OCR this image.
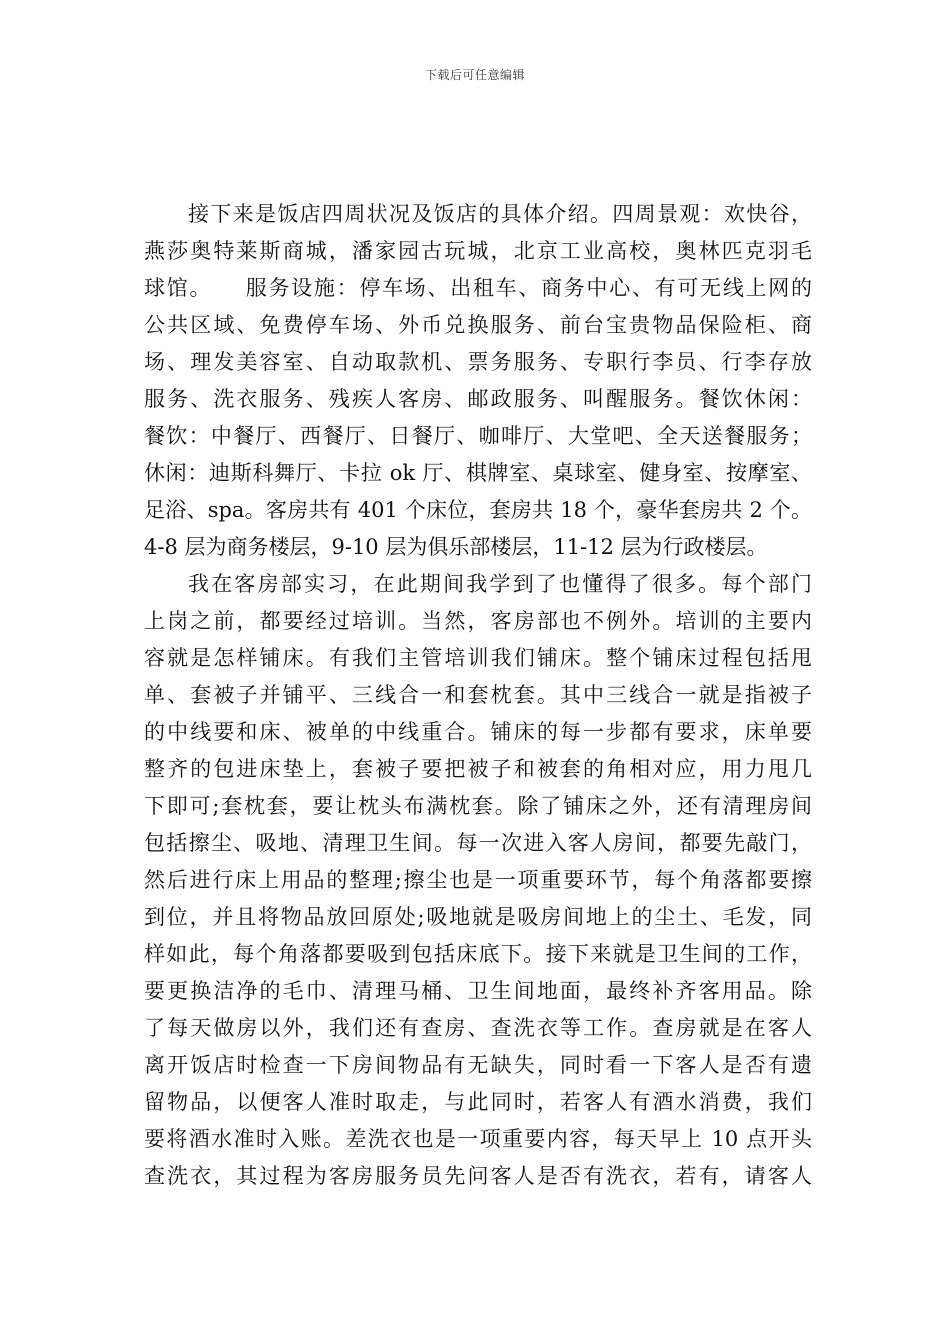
下载后可任意编辑
接下来是饭店四周状况及饭店的具体介绍。四周景观：欢快谷，
燕莎奥特莱斯商城，潘家园古玩城，北京工业高校，奥林匹克羽毛
球馆。    服务设施：停车场、出租车、商务中心、有可无线上网的
公共区域、免费停车场、外币兑换服务、前台宝贵物品保险柜、商
场、理发美容室、自动取款机、票务服务、专职行李员、行李存放
服务、洗衣服务、残疾人客房、邮政服务、叫醒服务。餐饮休闲：
餐饮：中餐厅、西餐厅、日餐厅、咖啡厅、大堂吧、全天送餐服务；
休闲：迪斯科舞厅、卡拉 ok 厅、棋牌室、桌球室、健身室、按摩室、
足浴、spa。客房共有 401 个床位，套房共 18 个，豪华套房共 2 个。
4-8 层为商务楼层，9-10 层为俱乐部楼层，11-12 层为行政楼层。
我在客房部实习，在此期间我学到了也懂得了很多。每个部门
上岗之前，都要经过培训。当然，客房部也不例外。培训的主要内
容就是怎样铺床。有我们主管培训我们铺床。整个铺床过程包括甩
单、套被子并铺平、三线合一和套枕套。其中三线合一就是指被子
的中线要和床、被单的中线重合。铺床的每一步都有要求，床单要
整齐的包进床垫上，套被子要把被子和被套的角相对应，用力甩几
下即可;套枕套，要让枕头布满枕套。除了铺床之外，还有清理房间
包括擦尘、吸地、清理卫生间。每一次进入客人房间，都要先敲门，
然后进行床上用品的整理;擦尘也是一项重要环节，每个角落都要擦
到位，并且将物品放回原处;吸地就是吸房间地上的尘土、毛发，同
样如此，每个角落都要吸到包括床底下。接下来就是卫生间的工作，
要更换洁净的毛巾、清理马桶、卫生间地面，最终补齐客用品。除
了每天做房以外，我们还有查房、查洗衣等工作。查房就是在客人
离开饭店时检查一下房间物品有无缺失，同时看一下客人是否有遗
留物品，以便客人准时取走，与此同时，若客人有酒水消费，我们
要将酒水准时入账。差洗衣也是一项重要内容，每天早上 10 点开头
查洗衣，其过程为客房服务员先问客人是否有洗衣，若有，请客人
